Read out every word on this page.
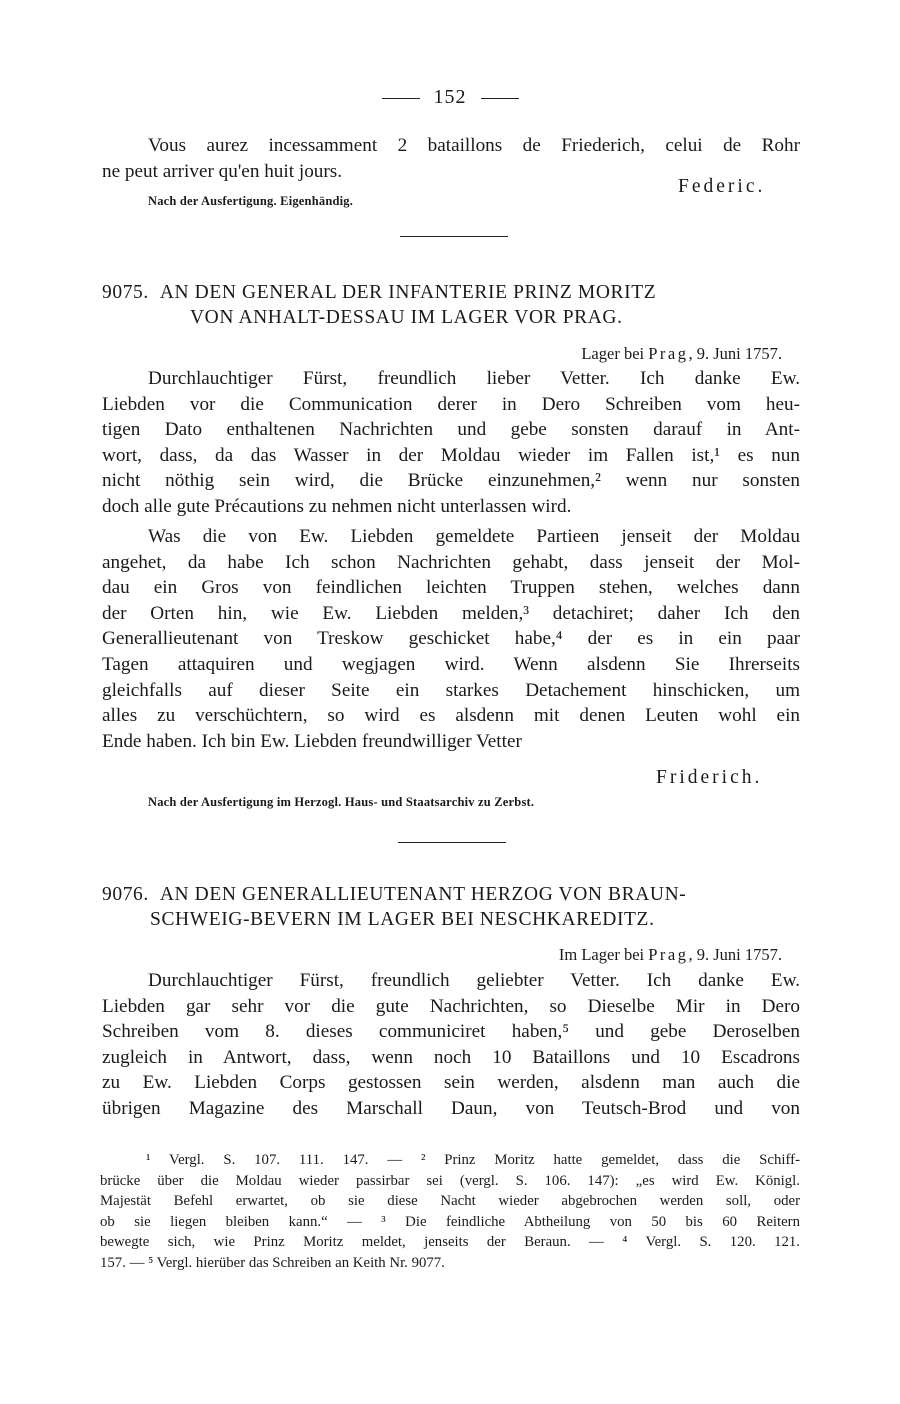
152
Vous aurez incessamment 2 bataillons de Friederich, celui de Rohr
ne peut arriver qu'en huit jours.
Federic.
Nach der Ausfertigung. Eigenhändig.
9075. AN DEN GENERAL DER INFANTERIE PRINZ MORITZ
VON ANHALT-DESSAU IM LAGER VOR PRAG.
Lager bei Prag, 9. Juni 1757.
Durchlauchtiger Fürst, freundlich lieber Vetter. Ich danke Ew.
Liebden vor die Communication derer in Dero Schreiben vom heu-
tigen Dato enthaltenen Nachrichten und gebe sonsten darauf in Ant-
wort, dass, da das Wasser in der Moldau wieder im Fallen ist,¹ es nun
nicht nöthig sein wird, die Brücke einzunehmen,² wenn nur sonsten
doch alle gute Précautions zu nehmen nicht unterlassen wird.
Was die von Ew. Liebden gemeldete Partieen jenseit der Moldau
angehet, da habe Ich schon Nachrichten gehabt, dass jenseit der Mol-
dau ein Gros von feindlichen leichten Truppen stehen, welches dann
der Orten hin, wie Ew. Liebden melden,³ detachiret; daher Ich den
Generallieutenant von Treskow geschicket habe,⁴ der es in ein paar
Tagen attaquiren und wegjagen wird. Wenn alsdenn Sie Ihrerseits
gleichfalls auf dieser Seite ein starkes Detachement hinschicken, um
alles zu verschüchtern, so wird es alsdenn mit denen Leuten wohl ein
Ende haben. Ich bin Ew. Liebden freundwilliger Vetter
Friderich.
Nach der Ausfertigung im Herzogl. Haus- und Staatsarchiv zu Zerbst.
9076. AN DEN GENERALLIEUTENANT HERZOG VON BRAUN-
SCHWEIG-BEVERN IM LAGER BEI NESCHKAREDITZ.
Im Lager bei Prag, 9. Juni 1757.
Durchlauchtiger Fürst, freundlich geliebter Vetter. Ich danke Ew.
Liebden gar sehr vor die gute Nachrichten, so Dieselbe Mir in Dero
Schreiben vom 8. dieses communiciret haben,⁵ und gebe Deroselben
zugleich in Antwort, dass, wenn noch 10 Bataillons und 10 Escadrons
zu Ew. Liebden Corps gestossen sein werden, alsdenn man auch die
übrigen Magazine des Marschall Daun, von Teutsch-Brod und von
¹ Vergl. S. 107. 111. 147. — ² Prinz Moritz hatte gemeldet, dass die Schiff-
brücke über die Moldau wieder passirbar sei (vergl. S. 106. 147): „es wird Ew. Königl.
Majestät Befehl erwartet, ob sie diese Nacht wieder abgebrochen werden soll, oder
ob sie liegen bleiben kann.“ — ³ Die feindliche Abtheilung von 50 bis 60 Reitern
bewegte sich, wie Prinz Moritz meldet, jenseits der Beraun. — ⁴ Vergl. S. 120. 121.
157. — ⁵ Vergl. hierüber das Schreiben an Keith Nr. 9077.
